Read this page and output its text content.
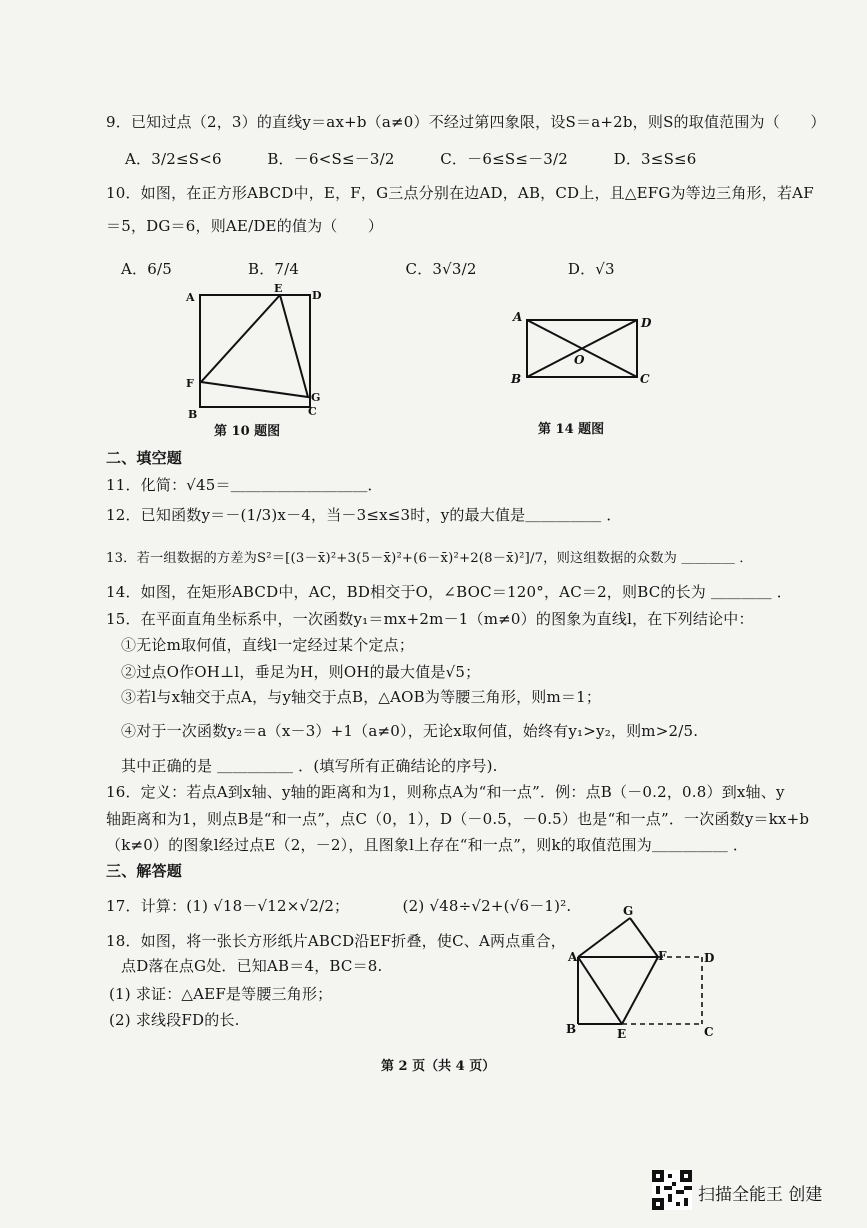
9．已知过点（2，3）的直线y＝ax+b（a≠0）不经过第四象限，设S＝a+2b，则S的取值范围为（　　）
A．3/2≤S<6　　　B．－6<S≤－3/2　　　C．－6≤S≤－3/2　　　D．3≤S≤6
10．如图，在正方形ABCD中，E，F，G三点分别在边AD，AB，CD上，且△EFG为等边三角形，若AF
＝5，DG＝6，则AE/DE的值为（　　）
A．6/5　　　　　B．7/4　　　　　　　C．3√3/2　　　　　　D．√3
A
E
D
F
G
B	C
第 10 题图
A	D
O
B	C
第 14 题图
二、填空题
11．化简：√45＝＿＿＿＿＿＿＿＿＿．
12．已知函数y＝－(1/3)x－4，当－3≤x≤3时，y的最大值是＿＿＿＿＿ ．
13．若一组数据的方差为S²＝[(3－x̄)²+3(5－x̄)²+(6－x̄)²+2(8－x̄)²]/7，则这组数据的众数为 ＿＿＿＿ ．
14．如图，在矩形ABCD中，AC，BD相交于O，∠BOC＝120°，AC＝2，则BC的长为 ＿＿＿＿ ．
15．在平面直角坐标系中，一次函数y₁＝mx+2m－1（m≠0）的图象为直线l，在下列结论中：
①无论m取何值，直线l一定经过某个定点；
②过点O作OH⊥l，垂足为H，则OH的最大值是√5；
③若l与x轴交于点A，与y轴交于点B，△AOB为等腰三角形，则m＝1；
④对于一次函数y₂＝a（x－3）+1（a≠0），无论x取何值，始终有y₁>y₂，则m>2/5.
其中正确的是 ＿＿＿＿＿ ．(填写所有正确结论的序号).
16．定义：若点A到x轴、y轴的距离和为1，则称点A为“和一点”．例：点B（－0.2，0.8）到x轴、y
轴距离和为1，则点B是“和一点”，点C（0，1），D（－0.5，－0.5）也是“和一点”．一次函数y＝kx+b
（k≠0）的图象l经过点E（2，－2），且图象l上存在“和一点”，则k的取值范围为＿＿＿＿＿ ．
三、解答题
17．计算：(1) √18－√12×√2/2；　　　　(2) √48÷√2+(√6－1)².
18．如图，将一张长方形纸片ABCD沿EF折叠，使C、A两点重合，
点D落在点G处．已知AB＝4，BC＝8.
(1) 求证：△AEF是等腰三角形；
(2) 求线段FD的长.
G
A	F	D
B	E	C
第 2 页（共 4 页）
扫描全能王 创建
